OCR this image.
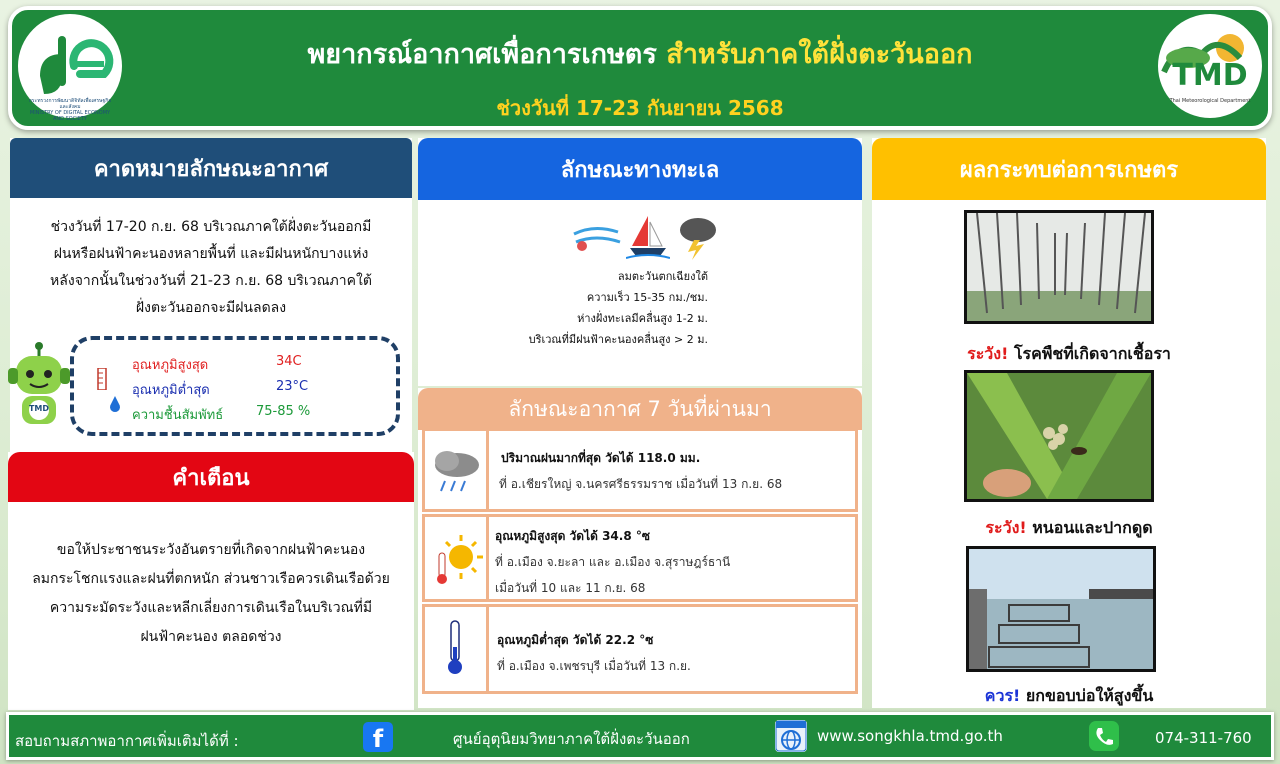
พยากรณ์อากาศเพื่อการเกษตร สำหรับภาคใต้ฝั่งตะวันออก
ช่วงวันที่ 17-23 กันยายน 2568
กระทรวงการพัฒนาดิจิทัลเพื่อเศรษฐกิจและสังคม
MINISTRY OF DIGITAL ECONOMY AND SOCIETY
TMD
Thai Meteorological Department
คาดหมายลักษณะอากาศ
ช่วงวันที่ 17-20 ก.ย. 68 บริเวณภาคใต้ฝั่งตะวันออกมี
ฝนหรือฝนฟ้าคะนองหลายพื้นที่ และมีฝนหนักบางแห่ง
หลังจากนั้นในช่วงวันที่ 21-23 ก.ย. 68 บริเวณภาคใต้
ฝั่งตะวันออกจะมีฝนลดลง
TMD
อุณหภูมิสูงสุด	34C
อุณหภูมิต่ำสุด	23°C
ความชื้นสัมพัทธ์	75-85 %
คำเตือน
ขอให้ประชาชนระวังอันตรายที่เกิดจากฝนฟ้าคะนอง
ลมกระโชกแรงและฝนที่ตกหนัก ส่วนชาวเรือควรเดินเรือด้วย
ความระมัดระวังและหลีกเลี่ยงการเดินเรือในบริเวณที่มี
ฝนฟ้าคะนอง ตลอดช่วง
ลักษณะทางทะเล
ลมตะวันตกเฉียงใต้
ความเร็ว 15-35 กม./ชม.
ห่างฝั่งทะเลมีคลื่นสูง 1-2 ม.
บริเวณที่มีฝนฟ้าคะนองคลื่นสูง > 2 ม.
ลักษณะอากาศ 7 วันที่ผ่านมา
ปริมาณฝนมากที่สุด วัดได้ 118.0 มม.
ที่ อ.เชียรใหญ่ จ.นครศรีธรรมราช เมื่อวันที่ 13 ก.ย. 68
อุณหภูมิสูงสุด วัดได้ 34.8 °ซ
ที่ อ.เมือง จ.ยะลา และ อ.เมือง จ.สุราษฎร์ธานี
เมื่อวันที่ 10 และ 11 ก.ย. 68
อุณหภูมิต่ำสุด วัดได้ 22.2 °ซ
ที่ อ.เมือง จ.เพชรบุรี เมื่อวันที่ 13 ก.ย.
ผลกระทบต่อการเกษตร
ระวัง! โรคพืชที่เกิดจากเชื้อรา
ระวัง! หนอนและปากดูด
ควร! ยกขอบบ่อให้สูงขึ้น
สอบถามสภาพอากาศเพิ่มเติมได้ที่ :	f	ศูนย์อุตุนิยมวิทยาภาคใต้ฝั่งตะวันออก	www.songkhla.tmd.go.th	074-311-760
